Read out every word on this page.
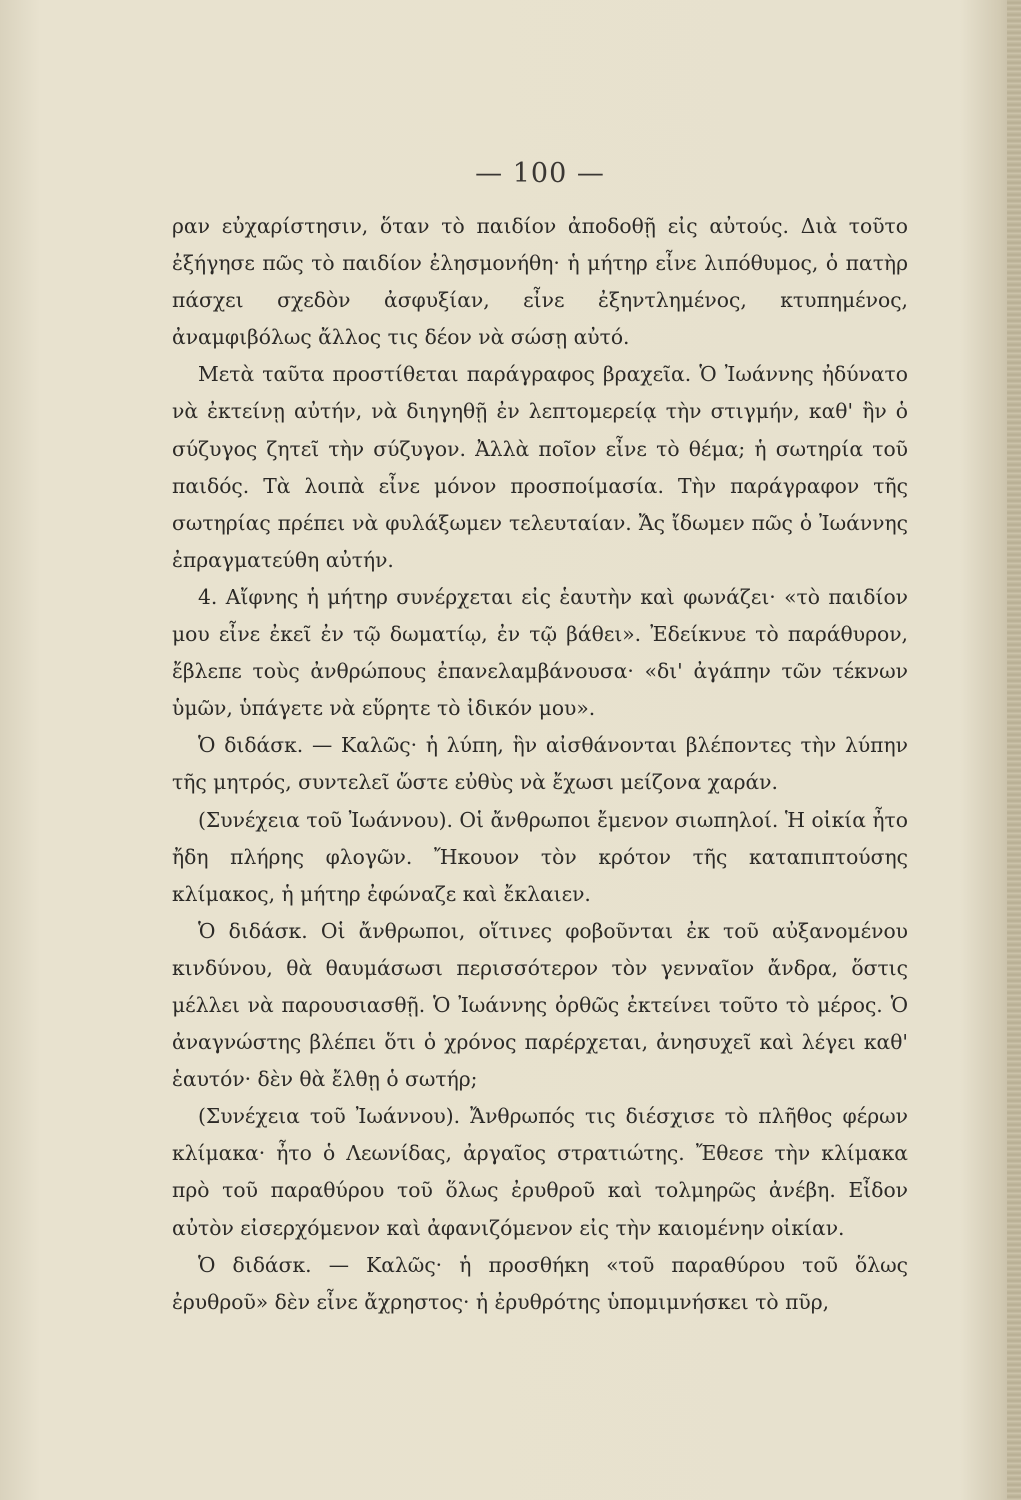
— 100 —

ραν εὐχαρίστησιν, ὅταν τὸ παιδίον ἀποδοθῇ εἰς αὐτούς. Διὰ τοῦτο ἐξήγησε πῶς τὸ παιδίον ἐλησμονήθη· ἡ μήτηρ εἶνε λιπόθυμος, ὁ πατὴρ πάσχει σχεδὸν ἀσφυξίαν, εἶνε ἐξηντλημένος, κτυπημένος, ἀναμφιβόλως ἄλλος τις δέον νὰ σώσῃ αὐτό.

Μετὰ ταῦτα προστίθεται παράγραφος βραχεῖα. Ὁ Ἰωάννης ἠδύνατο νὰ ἐκτείνῃ αὐτήν, νὰ διηγηθῇ ἐν λεπτομερείᾳ τὴν στιγμήν, καθ' ἣν ὁ σύζυγος ζητεῖ τὴν σύζυγον. Ἀλλὰ ποῖον εἶνε τὸ θέμα; ἡ σωτηρία τοῦ παιδός. Τὰ λοιπὰ εἶνε μόνον προσποίμασία. Τὴν παράγραφον τῆς σωτηρίας πρέπει νὰ φυλάξωμεν τελευταίαν. Ἄς ἴδωμεν πῶς ὁ Ἰωάννης ἐπραγματεύθη αὐτήν.

4. Αἴφνης ἡ μήτηρ συνέρχεται εἰς ἑαυτὴν καὶ φωνάζει· «τὸ παιδίον μου εἶνε ἐκεῖ ἐν τῷ δωματίῳ, ἐν τῷ βάθει». Ἐδείκνυε τὸ παράθυρον, ἔβλεπε τοὺς ἀνθρώπους ἐπανελαμβάνουσα· «δι' ἀγάπην τῶν τέκνων ὑμῶν, ὑπάγετε νὰ εὕρητε τὸ ἰδικόν μου».

Ὁ διδάσκ. — Καλῶς· ἡ λύπη, ἣν αἰσθάνονται βλέποντες τὴν λύπην τῆς μητρός, συντελεῖ ὥστε εὐθὺς νὰ ἔχωσι μείζονα χαράν.

(Συνέχεια τοῦ Ἰωάννου). Οἱ ἄνθρωποι ἔμενον σιωπηλοί. Ἡ οἰκία ἦτο ἤδη πλήρης φλογῶν. Ἤκουον τὸν κρότον τῆς καταπιπτούσης κλίμακος, ἡ μήτηρ ἐφώναζε καὶ ἔκλαιεν.

Ὁ διδάσκ. Οἱ ἄνθρωποι, οἵτινες φοβοῦνται ἐκ τοῦ αὐξανομένου κινδύνου, θὰ θαυμάσωσι περισσότερον τὸν γενναῖον ἄνδρα, ὅστις μέλλει νὰ παρουσιασθῇ. Ὁ Ἰωάννης ὀρθῶς ἐκτείνει τοῦτο τὸ μέρος. Ὁ ἀναγνώστης βλέπει ὅτι ὁ χρόνος παρέρχεται, ἀνησυχεῖ καὶ λέγει καθ' ἑαυτόν· δὲν θὰ ἔλθῃ ὁ σωτήρ;

(Συνέχεια τοῦ Ἰωάννου). Ἄνθρωπός τις διέσχισε τὸ πλῆθος φέρων κλίμακα· ἦτο ὁ Λεωνίδας, ἀργαῖος στρατιώτης. Ἔθεσε τὴν κλίμακα πρὸ τοῦ παραθύρου τοῦ ὅλως ἐρυθροῦ καὶ τολμηρῶς ἀνέβη. Εἶδον αὐτὸν εἰσερχόμενον καὶ ἀφανιζόμενον εἰς τὴν καιομένην οἰκίαν.

Ὁ διδάσκ. — Καλῶς· ἡ προσθήκη «τοῦ παραθύρου τοῦ ὅλως ἐρυθροῦ» δὲν εἶνε ἄχρηστος· ἡ ἐρυθρότης ὑπομιμνήσκει τὸ πῦρ,
